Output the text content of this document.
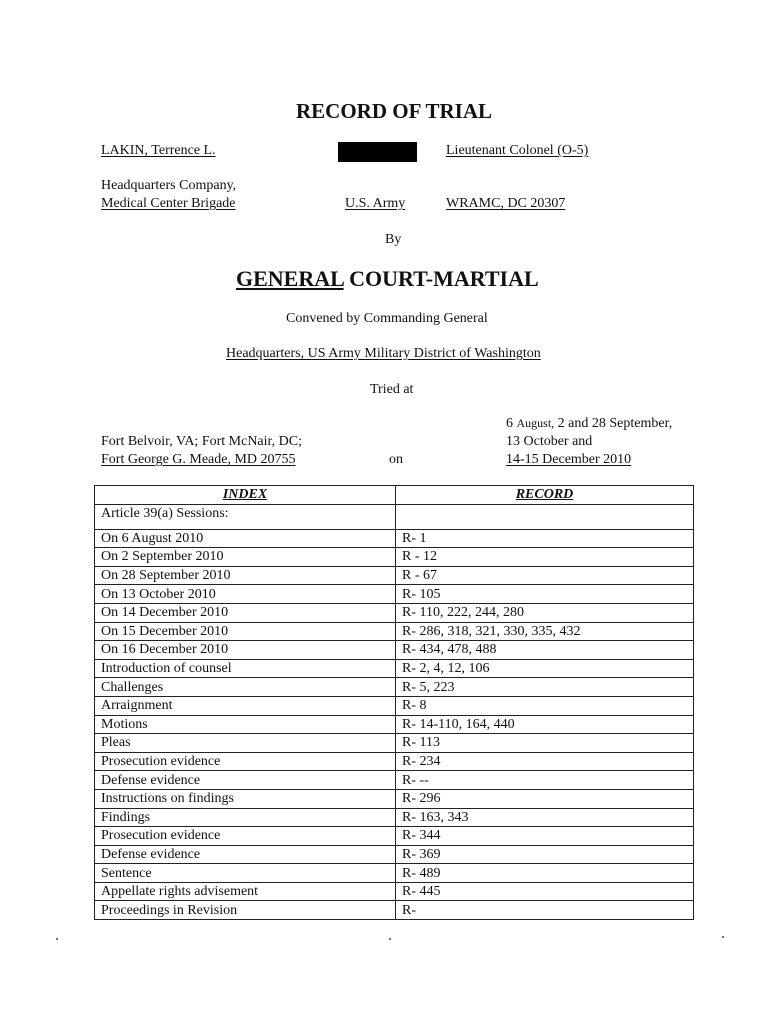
RECORD OF TRIAL
LAKIN, Terrence L.	Lieutenant Colonel (O-5)
Headquarters Company,
Medical Center Brigade	U.S. Army	WRAMC, DC 20307
By
GENERAL COURT-MARTIAL
Convened by Commanding General
Headquarters, US Army Military District of Washington
Tried at
6 August, 2 and 28 September,
13 October and
Fort Belvoir, VA; Fort McNair, DC;
Fort George G. Meade, MD 20755	on	14-15 December 2010
INDEX	RECORD
Article 39(a) Sessions:	
On 6 August 2010	R- 1
On 2 September 2010	R - 12
On 28 September 2010	R - 67
On 13 October 2010	R- 105
On 14 December 2010	R- 110, 222, 244, 280
On 15 December 2010	R- 286, 318, 321, 330, 335, 432
On 16 December 2010	R- 434, 478, 488
Introduction of counsel	R- 2, 4, 12, 106
Challenges	R- 5, 223
Arraignment	R- 8
Motions	R- 14-110, 164, 440
Pleas	R- 113
Prosecution evidence	R- 234
Defense evidence	R- --
Instructions on findings	R- 296
Findings	R- 163, 343
Prosecution evidence	R- 344
Defense evidence	R- 369
Sentence	R- 489
Appellate rights advisement	R- 445
Proceedings in Revision	R-
